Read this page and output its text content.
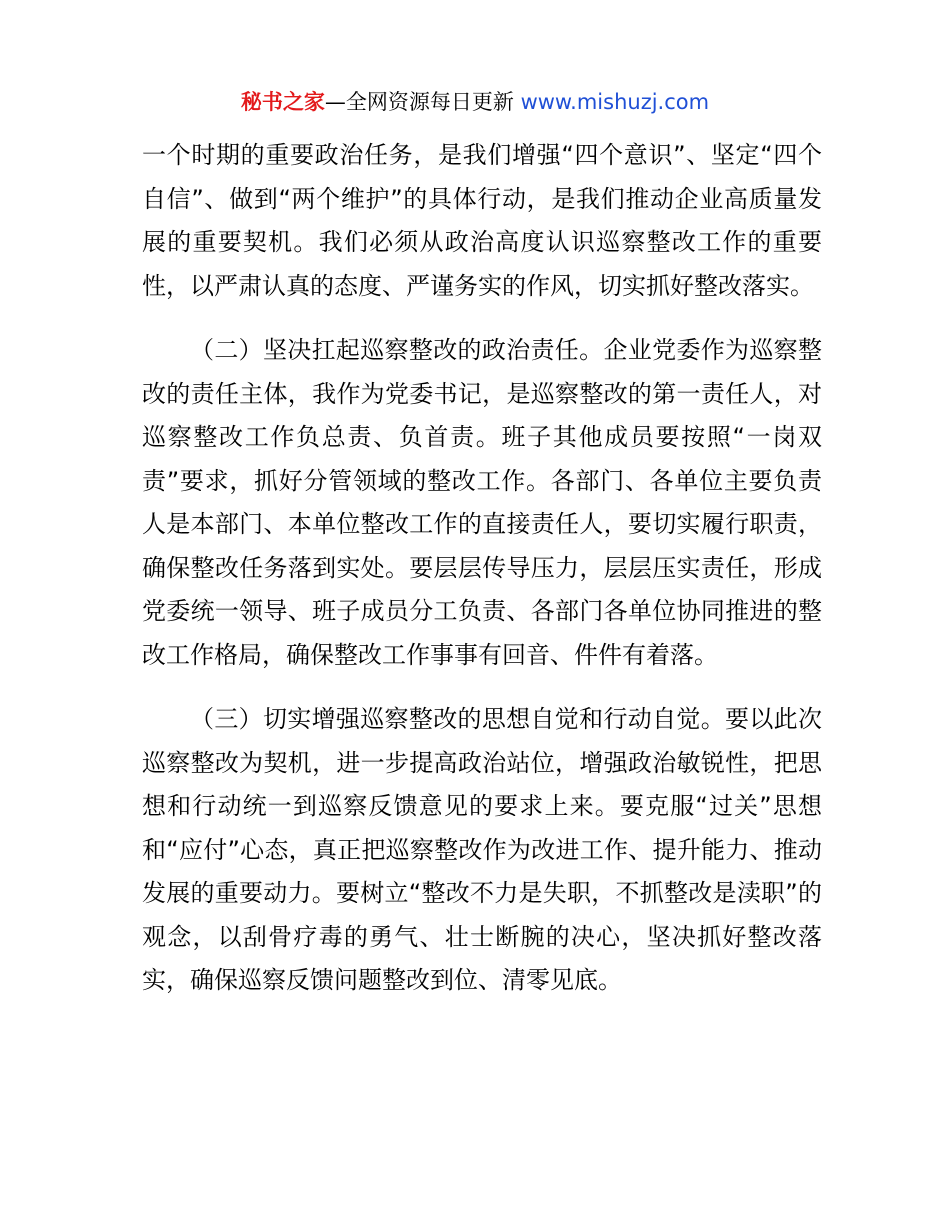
秘书之家—全网资源每日更新 www.mishuzj.com

一个时期的重要政治任务，是我们增强“四个意识”、坚定“四个自信”、做到“两个维护”的具体行动，是我们推动企业高质量发展的重要契机。我们必须从政治高度认识巡察整改工作的重要性，以严肃认真的态度、严谨务实的作风，切实抓好整改落实。

（二）坚决扛起巡察整改的政治责任。企业党委作为巡察整改的责任主体，我作为党委书记，是巡察整改的第一责任人，对巡察整改工作负总责、负首责。班子其他成员要按照“一岗双责”要求，抓好分管领域的整改工作。各部门、各单位主要负责人是本部门、本单位整改工作的直接责任人，要切实履行职责，确保整改任务落到实处。要层层传导压力，层层压实责任，形成党委统一领导、班子成员分工负责、各部门各单位协同推进的整改工作格局，确保整改工作事事有回音、件件有着落。

（三）切实增强巡察整改的思想自觉和行动自觉。要以此次巡察整改为契机，进一步提高政治站位，增强政治敏锐性，把思想和行动统一到巡察反馈意见的要求上来。要克服“过关”思想和“应付”心态，真正把巡察整改作为改进工作、提升能力、推动发展的重要动力。要树立“整改不力是失职，不抓整改是渎职”的观念，以刮骨疗毒的勇气、壮士断腕的决心，坚决抓好整改落实，确保巡察反馈问题整改到位、清零见底。
